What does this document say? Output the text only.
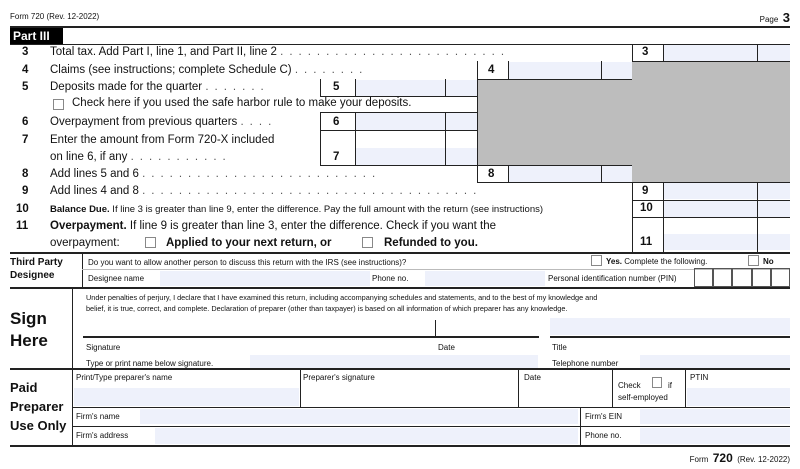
Form 720 (Rev. 12-2022)	Page 3
Part III
3 Total tax. Add Part I, line 1, and Part II, line 2 .........................
4 Claims (see instructions; complete Schedule C) ........
5 Deposits made for the quarter .......
Check here if you used the safe harbor rule to make your deposits.
6 Overpayment from previous quarters ....
7 Enter the amount from Form 720-X included
on line 6, if any ...........
8 Add lines 5 and 6 ..........................
9 Add lines 4 and 8 .....................................
10 Balance Due. If line 3 is greater than line 9, enter the difference. Pay the full amount with the return (see instructions)
11 Overpayment. If line 9 is greater than line 3, enter the difference. Check if you want the
overpayment:	Applied to your next return, or	Refunded to you.
3
9
10
11
4
8
5
6
7
Third Party
Designee
Do you want to allow another person to discuss this return with the IRS (see instructions)?	Yes. Complete the following.	No
Designee name	Phone no.	Personal identification number (PIN)
Sign
Here
Under penalties of perjury, I declare that I have examined this return, including accompanying schedules and statements, and to the best of my knowledge and
belief, it is true, correct, and complete. Declaration of preparer (other than taxpayer) is based on all information of which preparer has any knowledge.
Signature	Date	Title
Type or print name below signature.	Telephone number
Paid
Preparer
Use Only
Print/Type preparer's name	Preparer's signature	Date
Check	if
self-employed
PTIN
Firm's name	Firm's EIN
Firm's address	Phone no.
Form 720 (Rev. 12-2022)
